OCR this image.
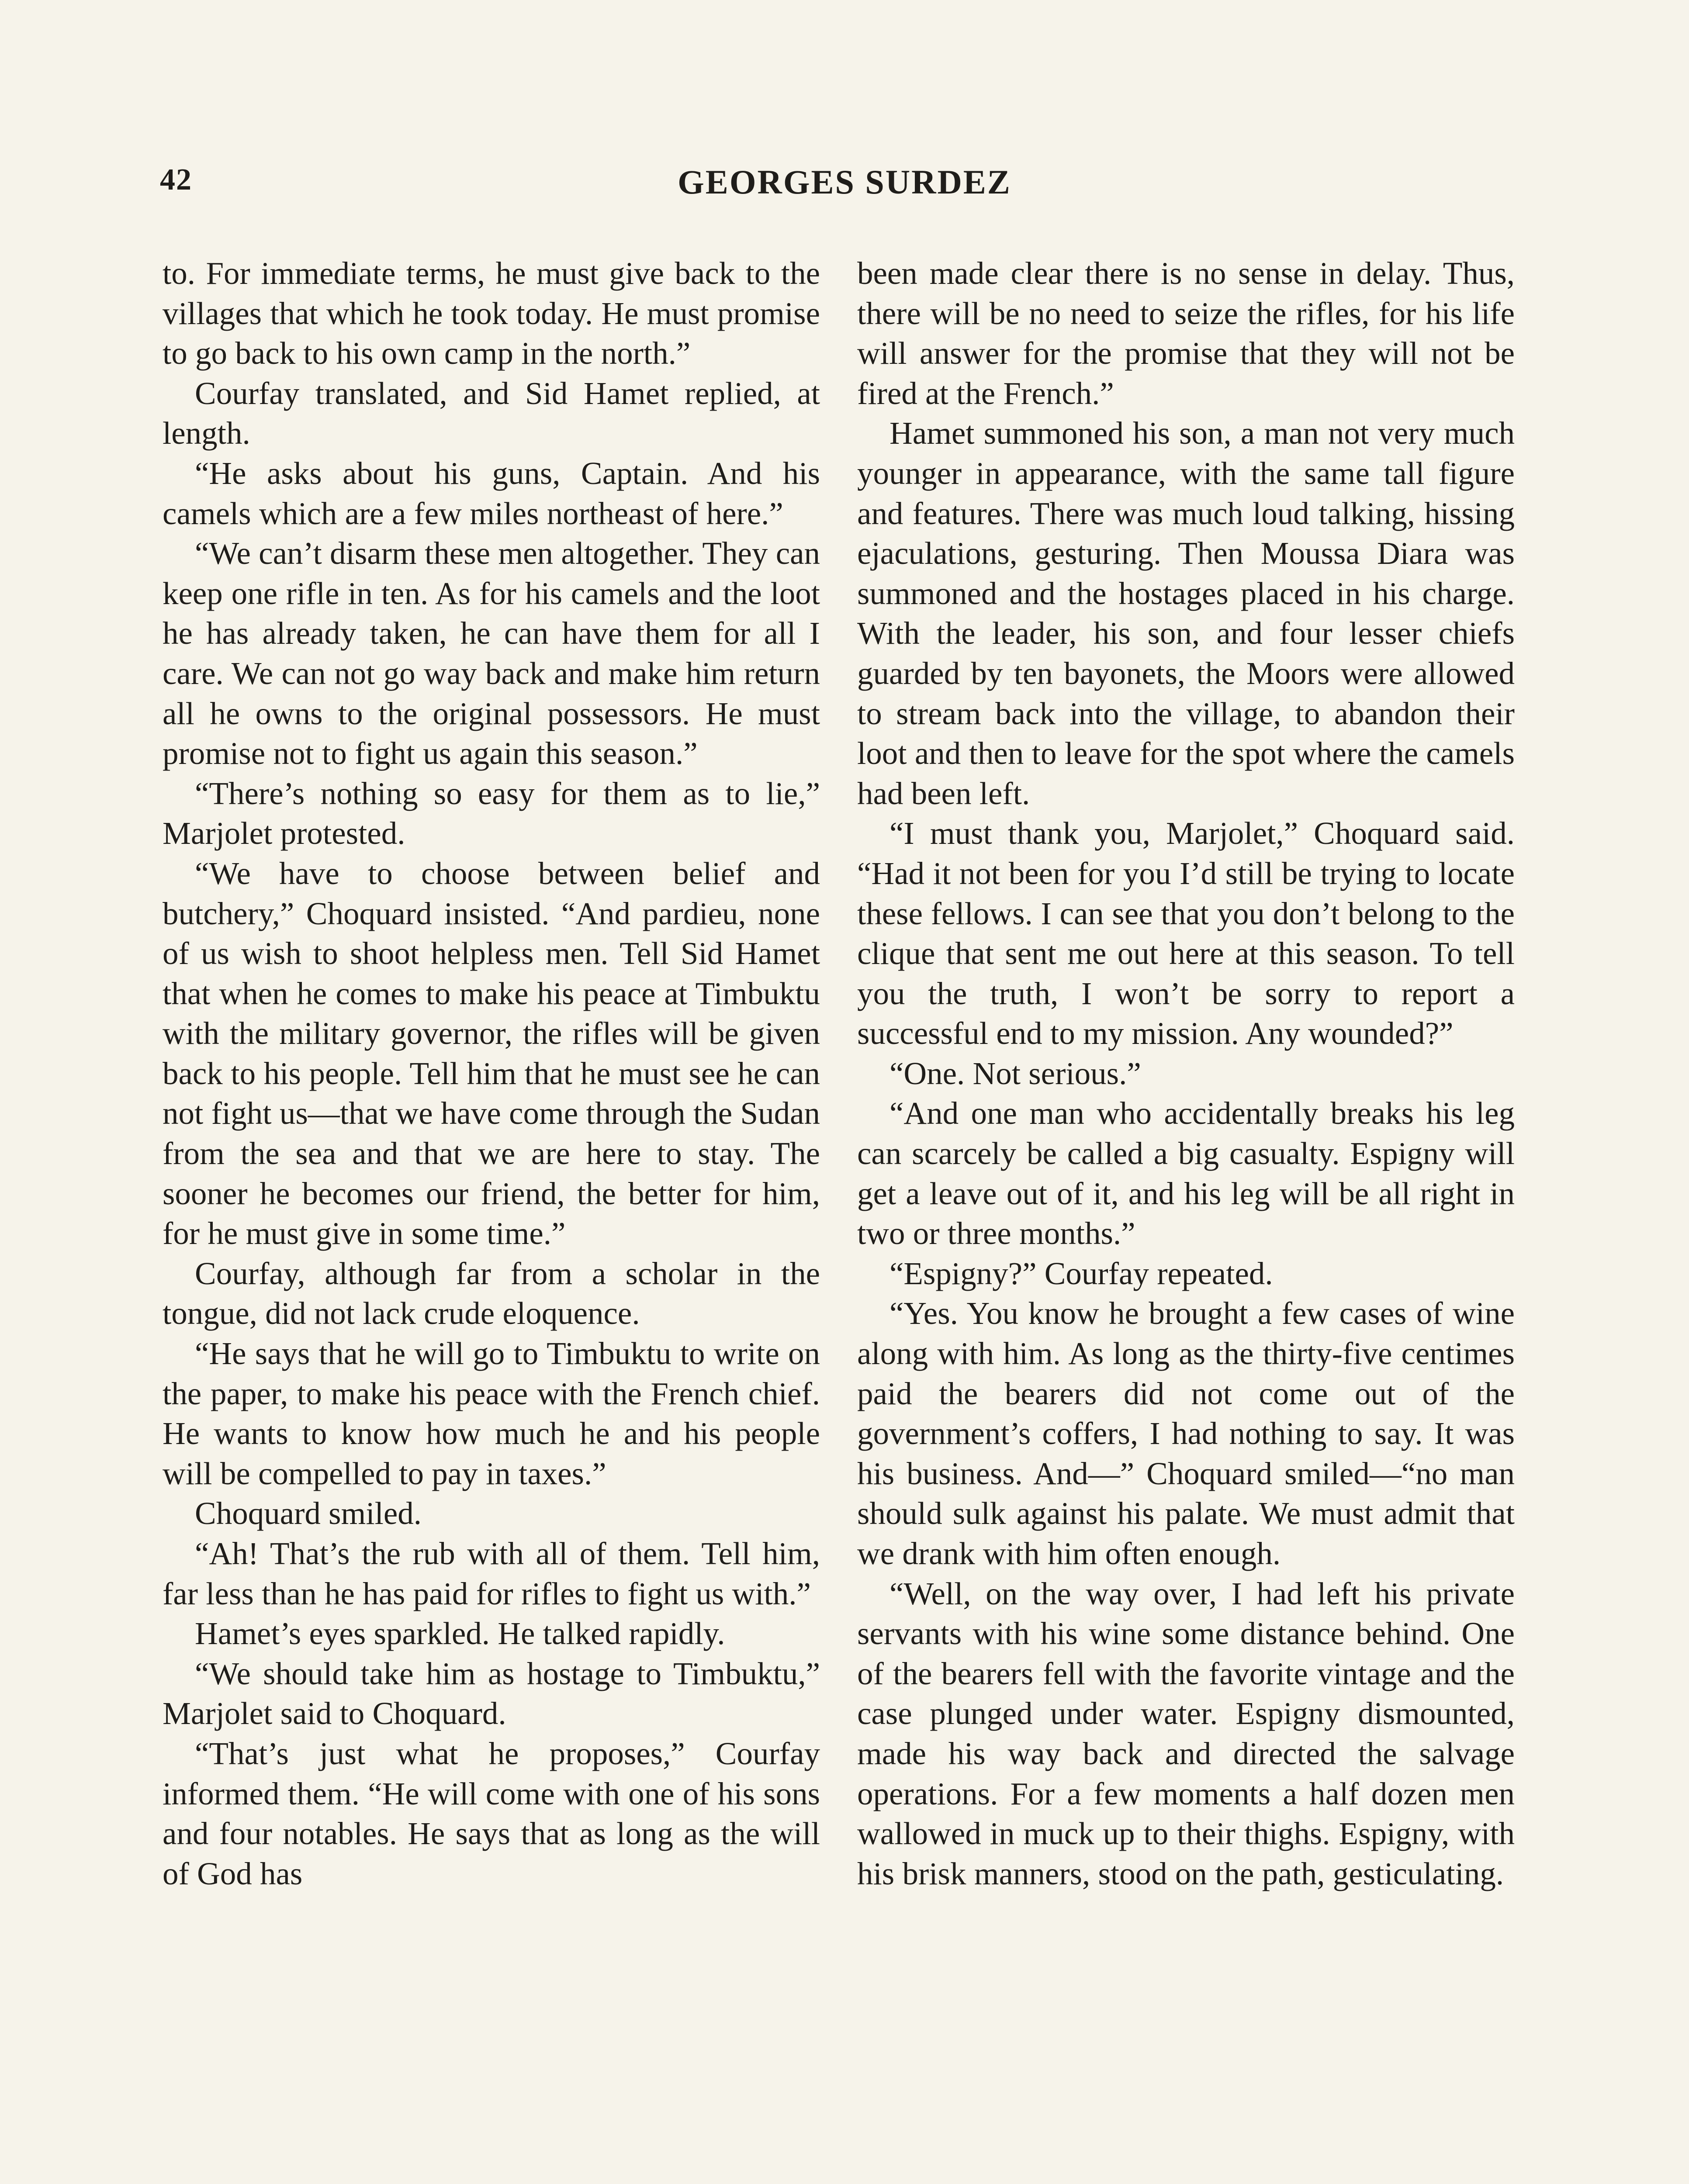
42	GEORGES SURDEZ

to. For immediate terms, he must give back to the villages that which he took today. He must promise to go back to his own camp in the north.”

Courfay translated, and Sid Hamet replied, at length.

“He asks about his guns, Captain. And his camels which are a few miles northeast of here.”

“We can’t disarm these men altogether. They can keep one rifle in ten. As for his camels and the loot he has already taken, he can have them for all I care. We can not go way back and make him return all he owns to the original possessors. He must promise not to fight us again this season.”

“There’s nothing so easy for them as to lie,” Marjolet protested.

“We have to choose between belief and butchery,” Choquard insisted. “And pardieu, none of us wish to shoot helpless men. Tell Sid Hamet that when he comes to make his peace at Timbuktu with the military governor, the rifles will be given back to his people. Tell him that he must see he can not fight us—that we have come through the Sudan from the sea and that we are here to stay. The sooner he becomes our friend, the better for him, for he must give in some time.”

Courfay, although far from a scholar in the tongue, did not lack crude eloquence.

“He says that he will go to Timbuktu to write on the paper, to make his peace with the French chief. He wants to know how much he and his people will be compelled to pay in taxes.”

Choquard smiled.

“Ah! That’s the rub with all of them. Tell him, far less than he has paid for rifles to fight us with.”

Hamet’s eyes sparkled. He talked rapidly.

“We should take him as hostage to Timbuktu,” Marjolet said to Choquard.

“That’s just what he proposes,” Courfay informed them. “He will come with one of his sons and four notables. He says that as long as the will of God has

been made clear there is no sense in delay. Thus, there will be no need to seize the rifles, for his life will answer for the promise that they will not be fired at the French.”

Hamet summoned his son, a man not very much younger in appearance, with the same tall figure and features. There was much loud talking, hissing ejaculations, gesturing. Then Moussa Diara was summoned and the hostages placed in his charge. With the leader, his son, and four lesser chiefs guarded by ten bayonets, the Moors were allowed to stream back into the village, to abandon their loot and then to leave for the spot where the camels had been left.

“I must thank you, Marjolet,” Choquard said. “Had it not been for you I’d still be trying to locate these fellows. I can see that you don’t belong to the clique that sent me out here at this season. To tell you the truth, I won’t be sorry to report a successful end to my mission. Any wounded?”

“One. Not serious.”

“And one man who accidentally breaks his leg can scarcely be called a big casualty. Espigny will get a leave out of it, and his leg will be all right in two or three months.”

“Espigny?” Courfay repeated.

“Yes. You know he brought a few cases of wine along with him. As long as the thirty-five centimes paid the bearers did not come out of the government’s coffers, I had nothing to say. It was his business. And—” Choquard smiled—“no man should sulk against his palate. We must admit that we drank with him often enough.

“Well, on the way over, I had left his private servants with his wine some distance behind. One of the bearers fell with the favorite vintage and the case plunged under water. Espigny dismounted, made his way back and directed the salvage operations. For a few moments a half dozen men wallowed in muck up to their thighs. Espigny, with his brisk manners, stood on the path, gesticulating.
